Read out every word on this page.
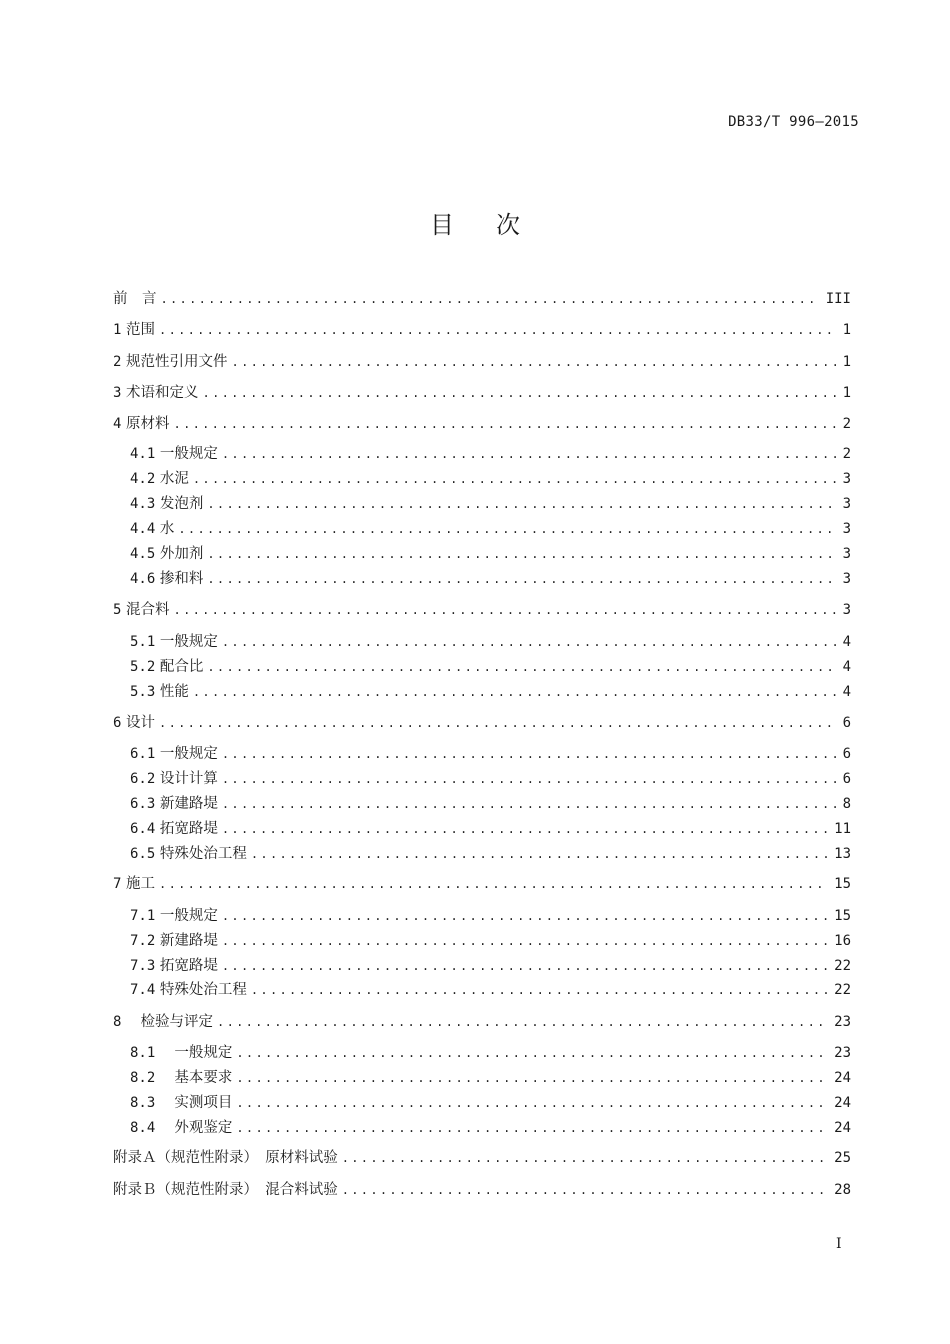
DB33/T 996—2015
目次
前　言 .....	III
1 范围 .....	1
2 规范性引用文件 .....	1
3 术语和定义 .....	1
4 原材料 .....	2
4.1 一般规定 .....	2
4.2 水泥 .....	3
4.3 发泡剂 .....	3
4.4 水 .....	3
4.5 外加剂 .....	3
4.6 掺和料 .....	3
5 混合料 .....	3
5.1 一般规定 .....	4
5.2 配合比 .....	4
5.3 性能 .....	4
6 设计 .....	6
6.1 一般规定 .....	6
6.2 设计计算 .....	6
6.3 新建路堤 .....	8
6.4 拓宽路堤 .....	11
6.5 特殊处治工程 .....	13
7 施工 .....	15
7.1 一般规定 .....	15
7.2 新建路堤 .....	16
7.3 拓宽路堤 .....	22
7.4 特殊处治工程 .....	22
8 　检验与评定 .....	23
8.1 　一般规定 .....	23
8.2 　基本要求 .....	24
8.3 　实测项目 .....	24
8.4 　外观鉴定 .....	24
附录Ａ（规范性附录）　原材料试验 .....	25
附录Ｂ（规范性附录）　混合料试验 .....	28
I
